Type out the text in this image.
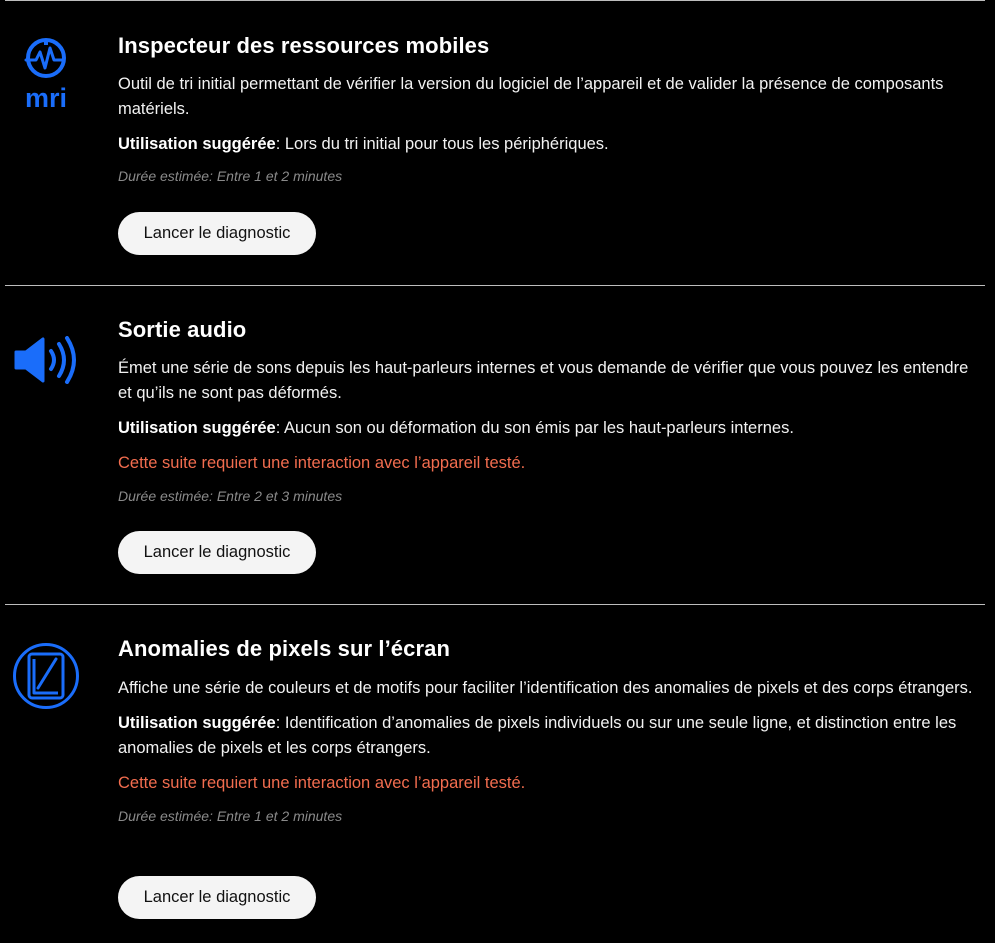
mri
Inspecteur des ressources mobiles

Outil de tri initial permettant de vérifier la version du logiciel de l’appareil et de valider la présence de composants matériels.

Utilisation suggérée: Lors du tri initial pour tous les périphériques.

Durée estimée: Entre 1 et 2 minutes

Lancer le diagnostic
Sortie audio

Émet une série de sons depuis les haut-parleurs internes et vous demande de vérifier que vous pouvez les entendre et qu’ils ne sont pas déformés.

Utilisation suggérée: Aucun son ou déformation du son émis par les haut-parleurs internes.

Cette suite requiert une interaction avec l’appareil testé.

Durée estimée: Entre 2 et 3 minutes

Lancer le diagnostic
Anomalies de pixels sur l’écran

Affiche une série de couleurs et de motifs pour faciliter l’identification des anomalies de pixels et des corps étrangers.

Utilisation suggérée: Identification d’anomalies de pixels individuels ou sur une seule ligne, et distinction entre les anomalies de pixels et les corps étrangers.

Cette suite requiert une interaction avec l’appareil testé.

Durée estimée: Entre 1 et 2 minutes

Lancer le diagnostic
